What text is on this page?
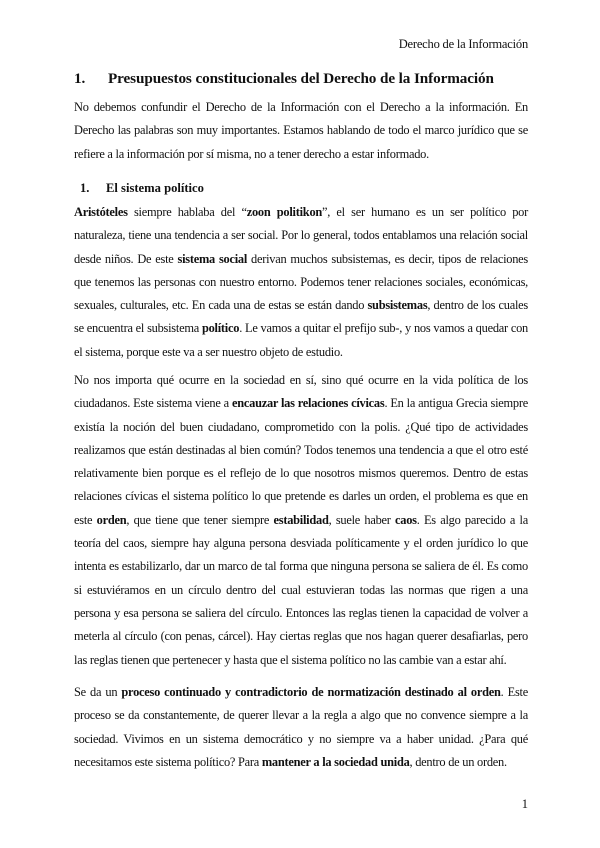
Derecho de la Información
1. Presupuestos constitucionales del Derecho de la Información

No debemos confundir el Derecho de la Información con el Derecho a la información. En Derecho las palabras son muy importantes. Estamos hablando de todo el marco jurídico que se refiere a la información por sí misma, no a tener derecho a estar informado.

1. El sistema político

Aristóteles siempre hablaba del “zoon politikon”, el ser humano es un ser político por naturaleza, tiene una tendencia a ser social. Por lo general, todos entablamos una relación social desde niños. De este sistema social derivan muchos subsistemas, es decir, tipos de relaciones que tenemos las personas con nuestro entorno. Podemos tener relaciones sociales, económicas, sexuales, culturales, etc. En cada una de estas se están dando subsistemas, dentro de los cuales se encuentra el subsistema político. Le vamos a quitar el prefijo sub-, y nos vamos a quedar con el sistema, porque este va a ser nuestro objeto de estudio.

No nos importa qué ocurre en la sociedad en sí, sino qué ocurre en la vida política de los ciudadanos. Este sistema viene a encauzar las relaciones cívicas. En la antigua Grecia siempre existía la noción del buen ciudadano, comprometido con la polis. ¿Qué tipo de actividades realizamos que están destinadas al bien común? Todos tenemos una tendencia a que el otro esté relativamente bien porque es el reflejo de lo que nosotros mismos queremos. Dentro de estas relaciones cívicas el sistema político lo que pretende es darles un orden, el problema es que en este orden, que tiene que tener siempre estabilidad, suele haber caos. Es algo parecido a la teoría del caos, siempre hay alguna persona desviada políticamente y el orden jurídico lo que intenta es estabilizarlo, dar un marco de tal forma que ninguna persona se saliera de él. Es como si estuviéramos en un círculo dentro del cual estuvieran todas las normas que rigen a una persona y esa persona se saliera del círculo. Entonces las reglas tienen la capacidad de volver a meterla al círculo (con penas, cárcel). Hay ciertas reglas que nos hagan querer desafiarlas, pero las reglas tienen que pertenecer y hasta que el sistema político no las cambie van a estar ahí.

Se da un proceso continuado y contradictorio de normatización destinado al orden. Este proceso se da constantemente, de querer llevar a la regla a algo que no convence siempre a la sociedad. Vivimos en un sistema democrático y no siempre va a haber unidad. ¿Para qué necesitamos este sistema político? Para mantener a la sociedad unida, dentro de un orden.

1
